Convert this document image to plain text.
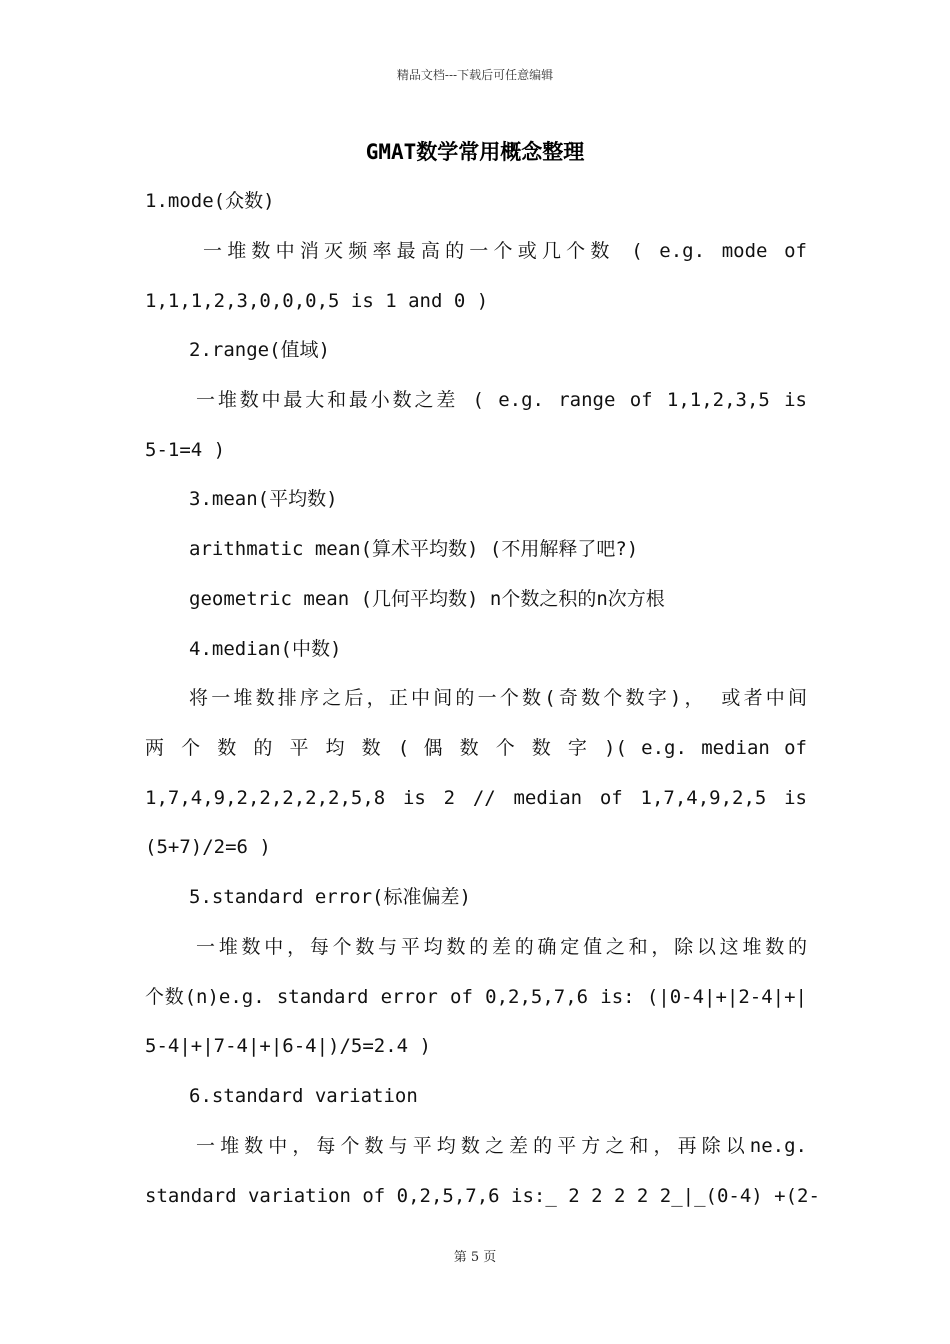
精品文档---下载后可任意编辑
GMAT数学常用概念整理
1.mode(众数)
一堆数中消灭频率最高的一个或几个数 ( e.g. mode of
1,1,1,2,3,0,0,0,5 is 1 and 0 )
2.range(值域)
一堆数中最大和最小数之差 ( e.g. range of 1,1,2,3,5 is
5-1=4 )
3.mean(平均数)
arithmatic mean(算术平均数) (不用解释了吧?)
geometric mean (几何平均数) n个数之积的n次方根
4.median(中数)
将一堆数排序之后，正中间的一个数(奇数个数字)， 或者中间
两 个 数 的 平 均 数 ( 偶 数 个 数 字 )( e.g. median of
1,7,4,9,2,2,2,2,2,5,8 is 2 // median of 1,7,4,9,2,5 is
(5+7)/2=6 )
5.standard error(标准偏差)
一堆数中，每个数与平均数的差的确定值之和，除以这堆数的
个数(n)e.g. standard error of 0,2,5,7,6 is: (|0-4|+|2-4|+|
5-4|+|7-4|+|6-4|)/5=2.4 )
6.standard variation
一堆数中，每个数与平均数之差的平方之和，再除以ne.g.
standard variation of 0,2,5,7,6 is:_ 2 2 2 2 2_|_(0-4) +(2-
第 5 页
